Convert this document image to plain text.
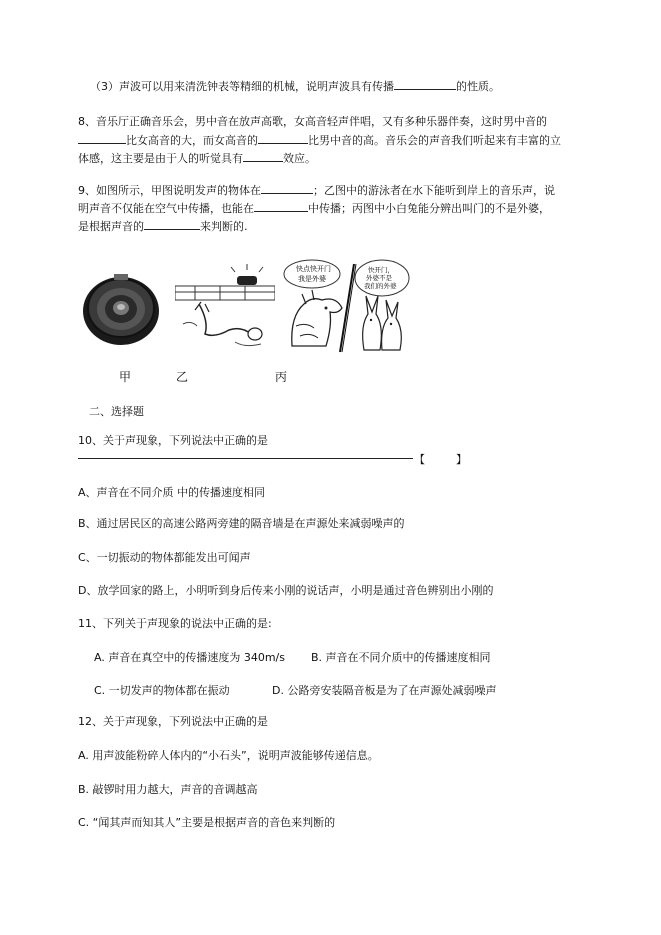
（3）声波可以用来清洗钟表等精细的机械，说明声波具有传播	的性质。
8、音乐厅正确音乐会，男中音在放声高歌，女高音轻声伴唱，又有多种乐器伴奏，这时男中音的
比女高音的大，而女高音的	比男中音的高。音乐会的声音我们听起来有丰富的立
体感，这主要是由于人的听觉具有	效应。
9、如图所示，甲图说明发声的物体在	；乙图中的游泳者在水下能听到岸上的音乐声，说
明声音不仅能在空气中传播，也能在	中传播；丙图中小白兔能分辨出叫门的不是外婆，
是根据声音的	来判断的.
快点快开门
我是外婆
快开门，
外婆不是
我们的外婆
甲	乙	丙
二、选择题
10、关于声现象，下列说法中正确的是
【	】
A、声音在不同介质 中的传播速度相同
B、通过居民区的高速公路两旁建的隔音墙是在声源处来减弱噪声的
C、一切振动的物体都能发出可闻声
D、放学回家的路上，小明听到身后传来小刚的说话声，小明是通过音色辨别出小刚的
11、下列关于声现象的说法中正确的是:
A. 声音在真空中的传播速度为 340m/s B. 声音在不同介质中的传播速度相同
C. 一切发声的物体都在振动	D. 公路旁安装隔音板是为了在声源处减弱噪声
12、关于声现象，下列说法中正确的是
A. 用声波能粉碎人体内的“小石头”，说明声波能够传递信息。
B. 敲锣时用力越大，声音的音调越高
C. “闻其声而知其人”主要是根据声音的音色来判断的
